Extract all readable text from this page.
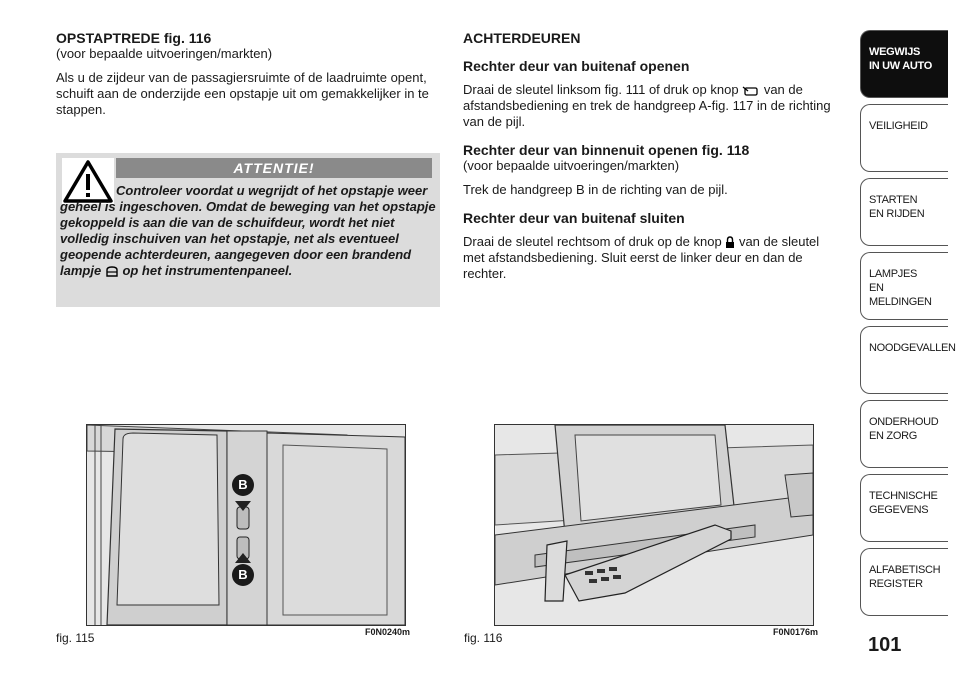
OPSTAPTREDE fig. 116

(voor bepaalde uitvoeringen/markten)

Als u de zijdeur van de passagiersruimte of de laadruimte opent, schuift aan de onderzijde een opstapje uit om gemakkelijker in te stappen.

ATTENTIE!
Controleer voordat u wegrijdt of het opstapje weer geheel is ingeschoven. Omdat de beweging van het opstapje gekoppeld is aan die van de schuifdeur, wordt het niet volledig inschuiven van het opstapje, net als eventueel geopende achterdeuren, aangegeven door een brandend lampje op het instrumentenpaneel.
ACHTERDEUREN
Rechter deur van buitenaf openen

Draai de sleutel linksom fig. 111 of druk op knop van de afstandsbediening en trek de handgreep A-fig. 117 in de richting van de pijl.

Rechter deur van binnenuit openen fig. 118

(voor bepaalde uitvoeringen/markten)

Trek de handgreep B in de richting van de pijl.

Rechter deur van buitenaf sluiten

Draai de sleutel rechtsom of druk op de knop van de sleutel met afstandsbediening. Sluit eerst de linker deur en dan de rechter.

B
B
fig. 115	F0N0240m	fig. 116	F0N0176m
WEGWIJS
IN UW AUTO
VEILIGHEID
STARTEN
EN RIJDEN
LAMPJES
EN MELDINGEN
NOODGEVALLEN
ONDERHOUD
EN ZORG
TECHNISCHE
GEGEVENS
ALFABETISCH
REGISTER
101
